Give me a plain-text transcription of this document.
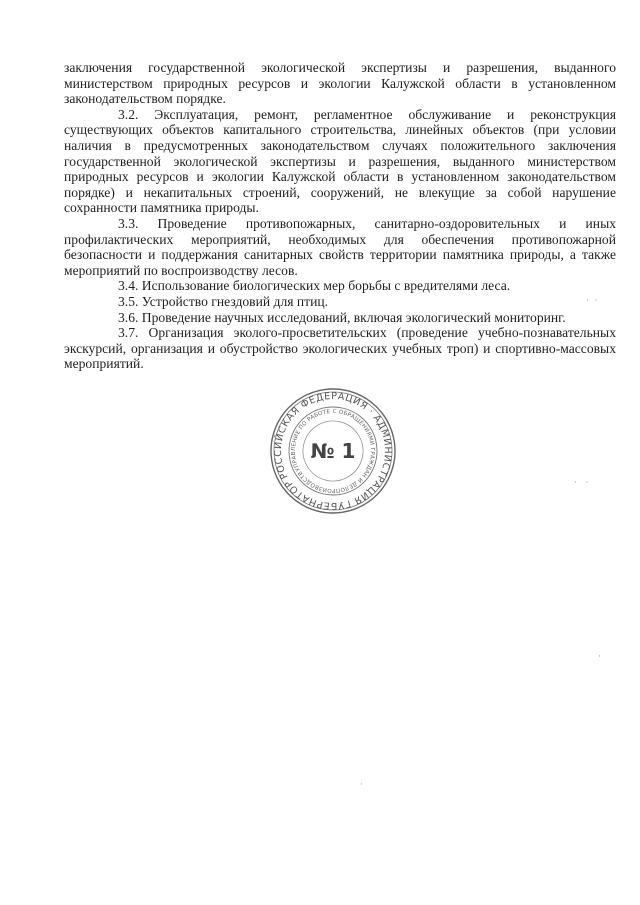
заключения государственной экологической экспертизы и разрешения, выданного министерством природных ресурсов и экологии Калужской области в установленном законодательством порядке.

3.2. Эксплуатация, ремонт, регламентное обслуживание и реконструкция существующих объектов капитального строительства, линейных объектов (при условии наличия в предусмотренных законодательством случаях положительного заключения государственной экологической экспертизы и разрешения, выданного министерством природных ресурсов и экологии Калужской области в установленном законодательством порядке) и некапитальных строений, сооружений, не влекущие за собой нарушение сохранности памятника природы.

3.3. Проведение противопожарных, санитарно-оздоровительных и иных профилактических мероприятий, необходимых для обеспечения противопожарной безопасности и поддержания санитарных свойств территории памятника природы, а также мероприятий по воспроизводству лесов.

3.4. Использование биологических мер борьбы с вредителями леса.

3.5. Устройство гнездовий для птиц.

3.6. Проведение научных исследований, включая экологический мониторинг.

3.7. Организация эколого-просветительских (проведение учебно-познавательных экскурсий, организация и обустройство экологических учебных троп) и спортивно-массовых мероприятий.

РОССИЙСКАЯ ФЕДЕРАЦИЯ · АДМИНИСТРАЦИЯ ГУБЕРНАТОРА
УПРАВЛЕНИЕ ПО РАБОТЕ С ОБРАЩЕНИЯМИ ГРАЖДАН И ДЕЛОПРОИЗВОДСТВА
№ 1
·  ·
·   ·
·
·
